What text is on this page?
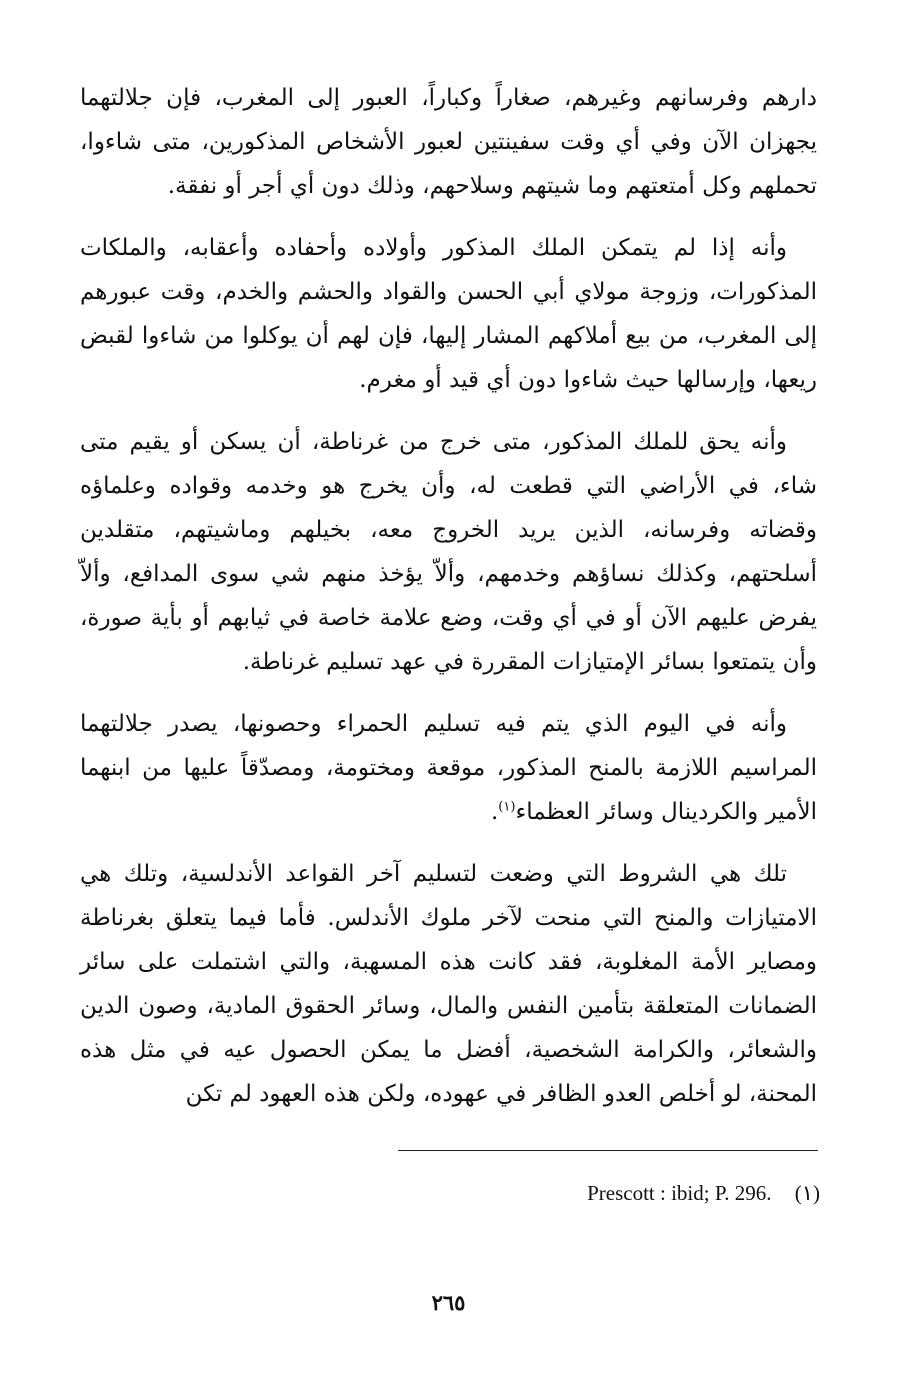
دارهم وفرسانهم وغيرهم، صغاراً وكباراً، العبور إلى المغرب، فإن جلالتهما يجهزان الآن وفي أي وقت سفينتين لعبور الأشخاص المذكورين، متى شاءوا، تحملهم وكل أمتعتهم وما شيتهم وسلاحهم، وذلك دون أي أجر أو نفقة.

وأنه إذا لم يتمكن الملك المذكور وأولاده وأحفاده وأعقابه، والملكات المذكورات، وزوجة مولاي أبي الحسن والقواد والحشم والخدم، وقت عبورهم إلى المغرب، من بيع أملاكهم المشار إليها، فإن لهم أن يوكلوا من شاءوا لقبض ريعها، وإرسالها حيث شاءوا دون أي قيد أو مغرم.

وأنه يحق للملك المذكور، متى خرج من غرناطة، أن يسكن أو يقيم متى شاء، في الأراضي التي قطعت له، وأن يخرج هو وخدمه وقواده وعلماؤه وقضاته وفرسانه، الذين يريد الخروج معه، بخيلهم وماشيتهم، متقلدين أسلحتهم، وكذلك نساؤهم وخدمهم، وألاّ يؤخذ منهم شي سوى المدافع، وألاّ يفرض عليهم الآن أو في أي وقت، وضع علامة خاصة في ثيابهم أو بأية صورة، وأن يتمتعوا بسائر الإمتيازات المقررة في عهد تسليم غرناطة.

وأنه في اليوم الذي يتم فيه تسليم الحمراء وحصونها، يصدر جلالتهما المراسيم اللازمة بالمنح المذكور، موقعة ومختومة، ومصدّقاً عليها من ابنهما الأمير والكردينال وسائر العظماء$^{(١)}$.

تلك هي الشروط التي وضعت لتسليم آخر القواعد الأندلسية، وتلك هي الامتيازات والمنح التي منحت لآخر ملوك الأندلس. فأما فيما يتعلق بغرناطة ومصاير الأمة المغلوبة، فقد كانت هذه المسهبة، والتي اشتملت على سائر الضمانات المتعلقة بتأمين النفس والمال، وسائر الحقوق المادية، وصون الدين والشعائر، والكرامة الشخصية، أفضل ما يمكن الحصول عيه في مثل هذه المحنة، لو أخلص العدو الظافر في عهوده، ولكن هذه العهود لم تكن

(١) Prescott : ibid; P. 296.
٢٦٥
